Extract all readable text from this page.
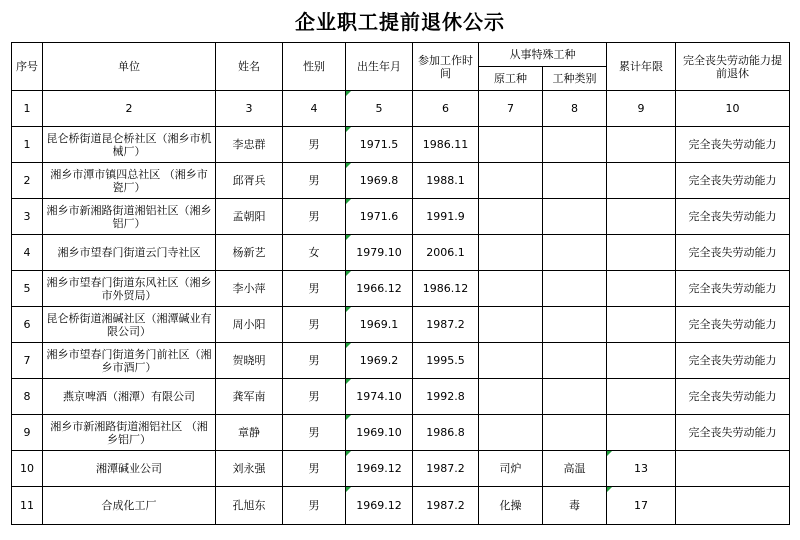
企业职工提前退休公示
序号	单位	姓名	性别	出生年月	参加工作时间	从事特殊工种		累计年限	完全丧失劳动能力提前退休
						原工种	工种类别		
1	2	3	4	5	6	7	8	9	10
1	昆仑桥街道昆仑桥社区（湘乡市机械厂）	李忠群	男	1971.5	1986.11				完全丧失劳动能力
2	湘乡市潭市镇四总社区 （湘乡市瓷厂）	邱胥兵	男	1969.8	1988.1				完全丧失劳动能力
3	湘乡市新湘路街道湘铝社区（湘乡铝厂）	孟朝阳	男	1971.6	1991.9				完全丧失劳动能力
4	湘乡市望春门街道云门寺社区	杨新艺	女	1979.10	2006.1				完全丧失劳动能力
5	湘乡市望春门街道东风社区（湘乡市外贸局）	李小萍	男	1966.12	1986.12				完全丧失劳动能力
6	昆仑桥街道湘碱社区（湘潭碱业有限公司）	周小阳	男	1969.1	1987.2				完全丧失劳动能力
7	湘乡市望春门街道务门前社区（湘乡市酒厂）	贺晓明	男	1969.2	1995.5				完全丧失劳动能力
8	燕京啤酒（湘潭）有限公司	龚军南	男	1974.10	1992.8				完全丧失劳动能力
9	湘乡市新湘路街道湘铝社区 （湘乡铝厂）	章静	男	1969.10	1986.8				完全丧失劳动能力
10	湘潭碱业公司	刘永强	男	1969.12	1987.2	司炉	高温	13	
11	合成化工厂	孔旭东	男	1969.12	1987.2	化操	毒	17	
